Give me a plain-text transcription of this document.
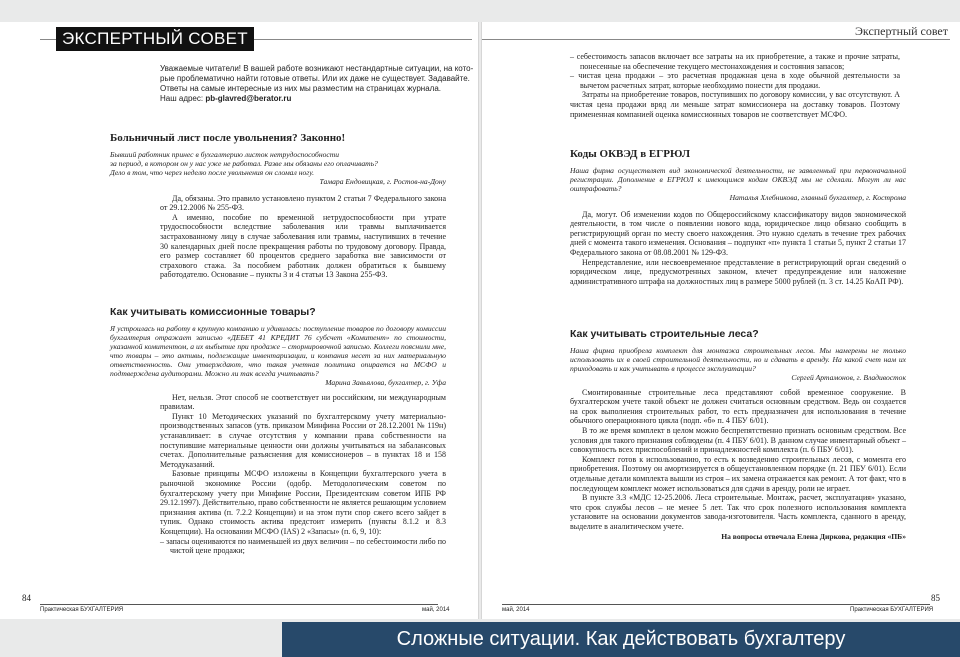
ЭКСПЕРТНЫЙ СОВЕТ
Уважаемые читатели! В вашей работе возникают нестандартные ситуации, на кото-
рые проблематично найти готовые ответы. Или их даже не существует. Задавайте.
Ответы на самые интересные из них мы разместим на страницах журнала.
Наш адрес: pb-glavred@berator.ru
Больничный лист после увольнения? Законно!
Бывший работник принес в бухгалтерию листок нетрудоспособности
за период, в котором он у нас уже не работал. Разве мы обязаны его оплачивать?
Дело в том, что через неделю после увольнения он сломал ногу.
Тамара Ендовицкая, г. Ростов-на-Дону

Да, обязаны. Это правило установлено пунктом 2 статьи 7 Федерального закона от 29.12.2006 № 255-ФЗ.

А именно, пособие по временной нетрудоспособности при утрате трудоспособности вследствие заболевания или травмы выплачивается застрахованному лицу в случае заболевания или травмы, наступивших в течение 30 календарных дней после прекращения работы по трудовому договору. Правда, его размер составляет 60 процентов среднего заработка вне зависимости от страхового стажа. За пособием работник должен обратиться к бывшему работодателю. Основание – пункты 3 и 4 статьи 13 Закона 255-ФЗ.

Как учитывать комиссионные товары?

Я устроилась на работу в крупную компанию и удивилась: поступление товаров по договору комиссии бухгалтерия отражает записью «ДЕБЕТ 41 КРЕДИТ 76 субсчет «Комитент» по стоимости, указанной комитентом, а их выбытие при продаже – сторнировочной записью. Коллеги пояснили мне, что товары – это активы, подлежащие инвентаризации, и компания несет за них материальную ответственность. Они утверждают, что такая учетная политика опирается на МСФО и подтверждена аудиторами. Можно ли так всегда учитывать?

Марина Завьялова, бухгалтер, г. Уфа

Нет, нельзя. Этот способ не соответствует ни российским, ни международным правилам.

Пункт 10 Методических указаний по бухгалтерскому учету материально-производственных запасов (утв. приказом Минфина России от 28.12.2001 № 119н) устанавливает: в случае отсутствия у компании права собственности на поступившие материальные ценности они должны учитываться на забалансовых счетах. Дополнительные разъяснения для комиссионеров – в пунктах 18 и 158 Методуказаний.

Базовые принципы МСФО изложены в Концепции бухгалтерского учета в рыночной экономике России (одобр. Методологическим советом по бухгалтерскому учету при Минфине России, Президентским советом ИПБ РФ 29.12.1997). Действительно, право собственности не является решающим условием признания актива (п. 7.2.2 Концепции) и на этом пути спор сжего всего зайдет в тупик. Однако стоимость актива предстоит измерить (пункты 8.1.2 и 8.3 Концепции). На основании МСФО (IAS) 2 «Запасы» (п. 6, 9, 10):

– запасы оцениваются по наименьшей из двух величин – по себестоимости либо по чистой цене продажи;

84
Практическая БУХГАЛТЕРИЯ	май, 2014
Экспертный совет

– себестоимость запасов включает все затраты на их приобретение, а также и прочие затраты, понесенные на обеспечение текущего местонахождения и состояния запасов;

– чистая цена продажи – это расчетная продажная цена в ходе обычной деятельности за вычетом расчетных затрат, которые необходимо понести для продажи.

Затраты на приобретение товаров, поступивших по договору комиссии, у вас отсутствуют. А чистая цена продажи вряд ли меньше затрат комиссионера на доставку товаров. Поэтому примененная компанией оценка комиссионных товаров не соответствует МСФО.

Коды ОКВЭД в ЕГРЮЛ

Наша фирма осуществляет вид экономической деятельности, не заявленный при первоначальной регистрации. Дополнение в ЕГРЮЛ к имеющимся кодам ОКВЭД мы не сделали. Могут ли нас оштрафовать?

Наталья Хлебникова, главный бухгалтер, г. Кострома

Да, могут. Об изменении кодов по Общероссийскому классификатору видов экономической деятельности, в том числе о появлении нового кода, юридическое лицо обязано сообщить в регистрирующий орган по месту своего нахождения. Это нужно сделать в течение трех рабочих дней с момента такого изменения. Основания – подпункт «п» пункта 1 статьи 5, пункт 2 статьи 17 Федерального закона от 08.08.2001 № 129-ФЗ.

Непредставление, или несвоевременное представление в регистрирующий орган сведений о юридическом лице, предусмотренных законом, влечет предупреждение или наложение административного штрафа на должностных лиц в размере 5000 рублей (п. 3 ст. 14.25 КоАП РФ).

Как учитывать строительные леса?

Наша фирма приобрела комплект для монтажа строительных лесов. Мы намерены не только использовать их в своей строительной деятельности, но и сдавать в аренду. На какой счет нам их приходовать и как учитывать в процессе эксплуатации?

Сергей Артамонов, г. Владивосток

Смонтированные строительные леса представляют собой временное сооружение. В бухгалтерском учете такой объект не должен считаться основным средством. Ведь он создается на срок выполнения строительных работ, то есть предназначен для использования в течение обычного операционного цикла (подп. «б» п. 4 ПБУ 6/01).

В то же время комплект в целом можно беспрепятственно признать основным средством. Все условия для такого признания соблюдены (п. 4 ПБУ 6/01). В данном случае инвентарный объект – совокупность всех приспособлений и принадлежностей комплекта (п. 6 ПБУ 6/01).

Комплект готов к использованию, то есть к возведению строительных лесов, с момента его приобретения. Поэтому он амортизируется в общеустановленном порядке (п. 21 ПБУ 6/01). Если отдельные детали комплекта вышли из строя – их замена отражается как ремонт. А тот факт, что в последующем комплект может использоваться для сдачи в аренду, роли не играет.

В пункте 3.3 «МДС 12-25.2006. Леса строительные. Монтаж, расчет, эксплуатация» указано, что срок службы лесов – не менее 5 лет. Так что срок полезного использования комплекта установите на основании документов завода-изготовителя. Часть комплекта, сданного в аренду, выделите в аналитическом учете.

На вопросы отвечала Елена Диркова, редакция «ПБ»
85
май, 2014	Практическая БУХГАЛТЕРИЯ
Сложные ситуации. Как действовать бухгалтеру
